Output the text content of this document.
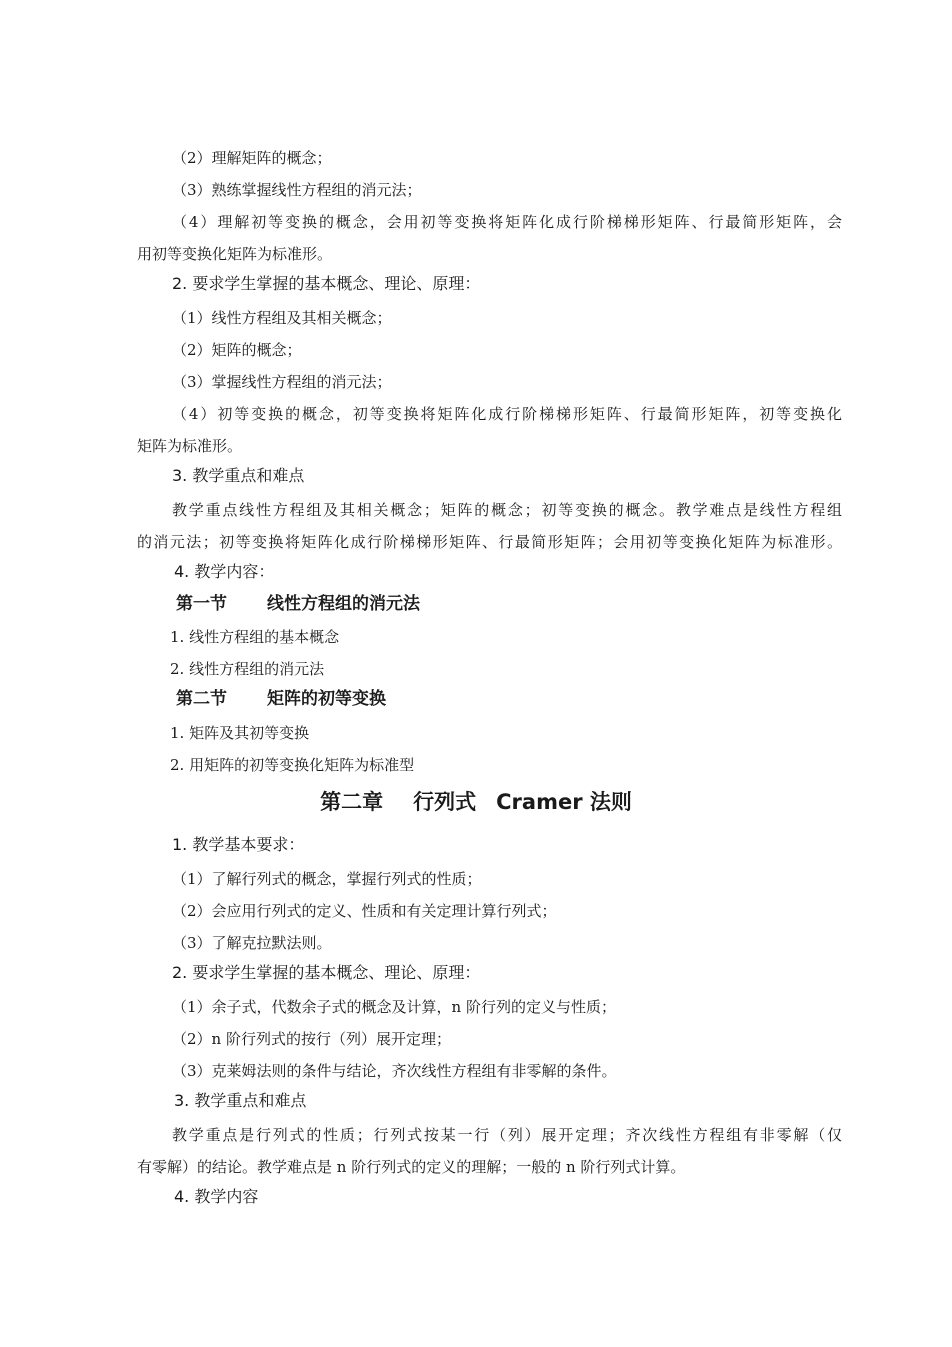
（2）理解矩阵的概念；
（3）熟练掌握线性方程组的消元法；
（4）理解初等变换的概念，会用初等变换将矩阵化成行阶梯梯形矩阵、行最简形矩阵，会
用初等变换化矩阵为标准形。
2. 要求学生掌握的基本概念、理论、原理：
（1）线性方程组及其相关概念；
（2）矩阵的概念；
（3）掌握线性方程组的消元法；
（4）初等变换的概念，初等变换将矩阵化成行阶梯梯形矩阵、行最简形矩阵，初等变换化
矩阵为标准形。
3. 教学重点和难点
教学重点线性方程组及其相关概念；矩阵的概念；初等变换的概念。教学难点是线性方程组
的消元法；初等变换将矩阵化成行阶梯梯形矩阵、行最简形矩阵；会用初等变换化矩阵为标准形。
4. 教学内容：
第一节 线性方程组的消元法
1. 线性方程组的基本概念
2. 线性方程组的消元法
第二节 矩阵的初等变换
1. 矩阵及其初等变换
2. 用矩阵的初等变换化矩阵为标准型
第二章 行列式 Cramer 法则
1. 教学基本要求：
（1）了解行列式的概念，掌握行列式的性质；
（2）会应用行列式的定义、性质和有关定理计算行列式；
（3）了解克拉默法则。
2. 要求学生掌握的基本概念、理论、原理：
（1）余子式，代数余子式的概念及计算，n 阶行列的定义与性质；
（2）n 阶行列式的按行（列）展开定理；
（3）克莱姆法则的条件与结论，齐次线性方程组有非零解的条件。
3. 教学重点和难点
教学重点是行列式的性质；行列式按某一行（列）展开定理；齐次线性方程组有非零解（仅
有零解）的结论。教学难点是 n 阶行列式的定义的理解；一般的 n 阶行列式计算。
4. 教学内容
